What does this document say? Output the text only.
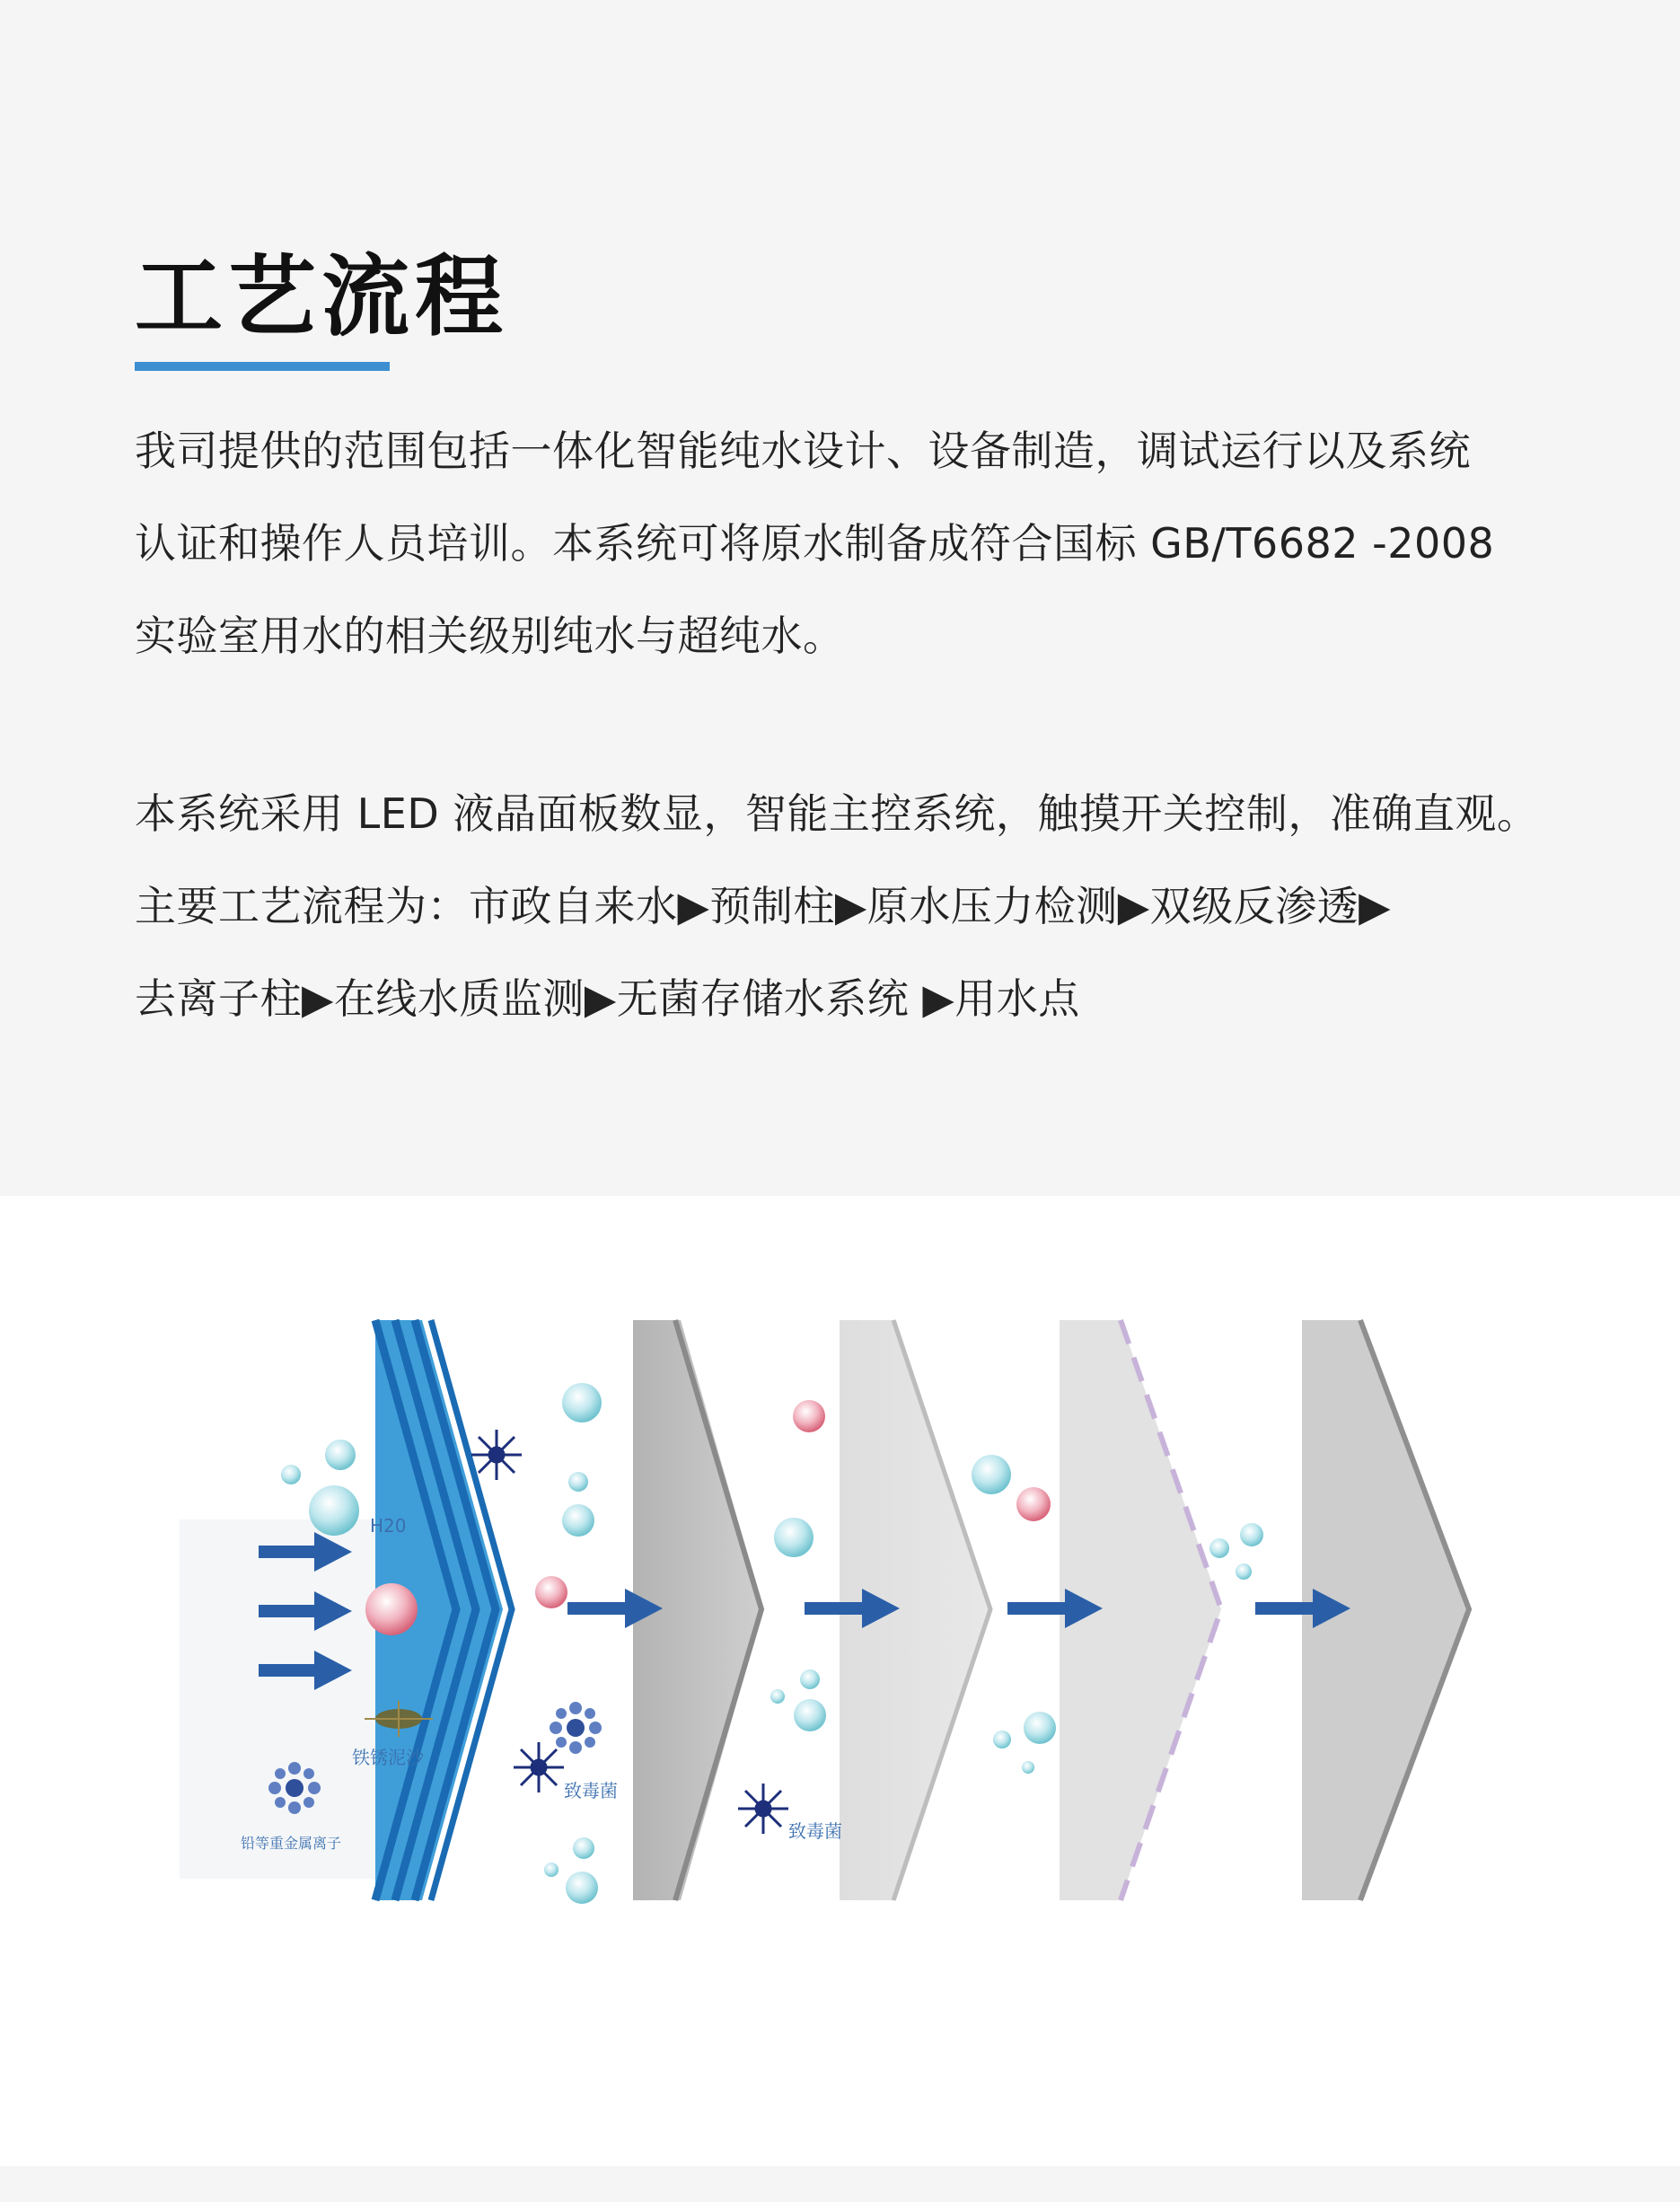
工艺流程
我司提供的范围包括一体化智能纯水设计、设备制造，调试运行以及系统
认证和操作人员培训。本系统可将原水制备成符合国标 GB/T6682 -2008
实验室用水的相关级别纯水与超纯水。
本系统采用 LED 液晶面板数显，智能主控系统，触摸开关控制，准确直观。
主要工艺流程为：市政自来水▶预制柱▶原水压力检测▶双级反渗透▶
去离子柱▶在线水质监测▶无菌存储水系统 ▶用水点
H20
铁锈泥沙
铅等重金属离子
致毒菌
致毒菌
